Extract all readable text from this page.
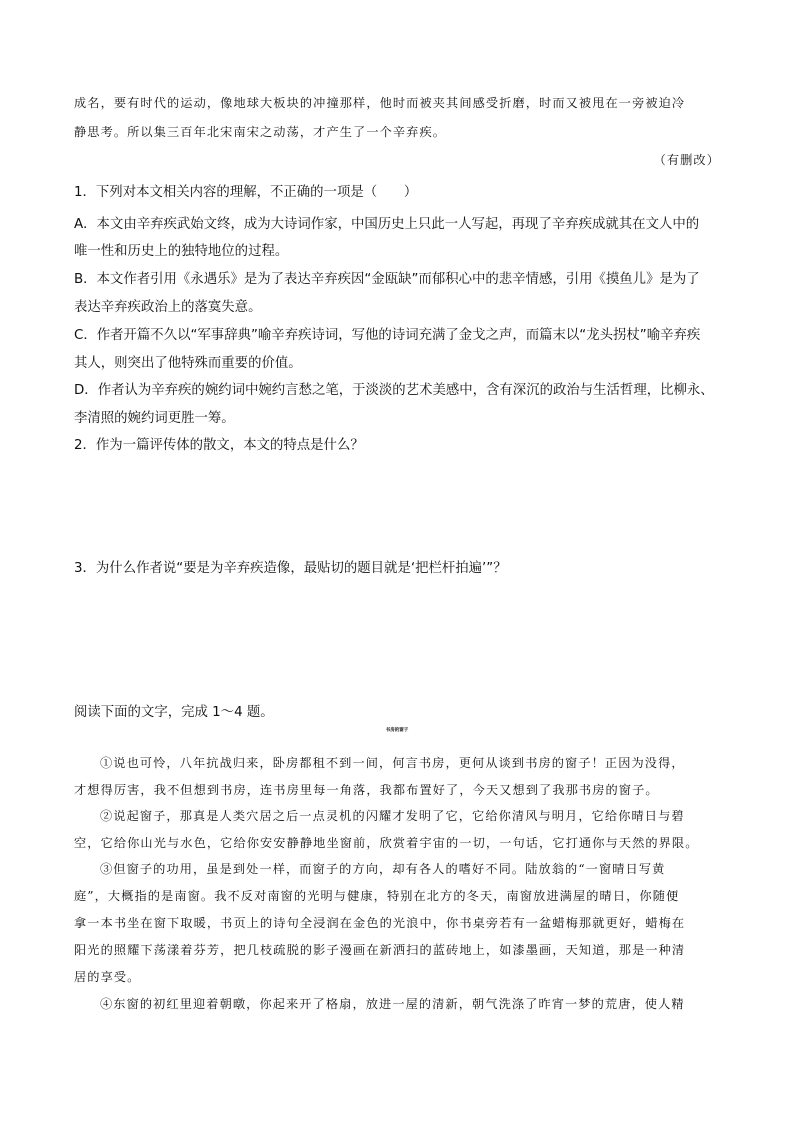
成名，要有时代的运动，像地球大板块的冲撞那样，他时而被夹其间感受折磨，时而又被甩在一旁被迫冷

静思考。所以集三百年北宋南宋之动荡，才产生了一个辛弃疾。

（有删改）

1．下列对本文相关内容的理解，不正确的一项是（　　）

A．本文由辛弃疾武始文终，成为大诗词作家，中国历史上只此一人写起，再现了辛弃疾成就其在文人中的

唯一性和历史上的独特地位的过程。

B．本文作者引用《永遇乐》是为了表达辛弃疾因“金瓯缺”而郁积心中的悲辛情感，引用《摸鱼儿》是为了

表达辛弃疾政治上的落寞失意。

C．作者开篇不久以“军事辞典”喻辛弃疾诗词，写他的诗词充满了金戈之声，而篇末以“龙头拐杖”喻辛弃疾

其人，则突出了他特殊而重要的价值。

D．作者认为辛弃疾的婉约词中婉约言愁之笔，于淡淡的艺术美感中，含有深沉的政治与生活哲理，比柳永、

李清照的婉约词更胜一筹。

2．作为一篇评传体的散文，本文的特点是什么？

3．为什么作者说“要是为辛弃疾造像，最贴切的题目就是‘把栏杆拍遍’”？

阅读下面的文字，完成 1～4 题。

书房的窗子

①说也可怜，八年抗战归来，卧房都租不到一间，何言书房，更何从谈到书房的窗子！正因为没得，

才想得厉害，我不但想到书房，连书房里每一角落，我都布置好了，今天又想到了我那书房的窗子。

②说起窗子，那真是人类穴居之后一点灵机的闪耀才发明了它，它给你清风与明月，它给你晴日与碧

空，它给你山光与水色，它给你安安静静地坐窗前，欣赏着宇宙的一切，一句话，它打通你与天然的界限。

③但窗子的功用，虽是到处一样，而窗子的方向，却有各人的嗜好不同。陆放翁的“一窗晴日写黄

庭”，大概指的是南窗。我不反对南窗的光明与健康，特别在北方的冬天，南窗放进满屋的晴日，你随便

拿一本书坐在窗下取暖，书页上的诗句全浸润在金色的光浪中，你书桌旁若有一盆蜡梅那就更好，蜡梅在

阳光的照耀下荡漾着芬芳，把几枝疏脱的影子漫画在新洒扫的蓝砖地上，如漆墨画，天知道，那是一种清

居的享受。

④东窗的初红里迎着朝暾，你起来开了格扇，放进一屋的清新，朝气洗涤了昨宵一梦的荒唐，使人精
